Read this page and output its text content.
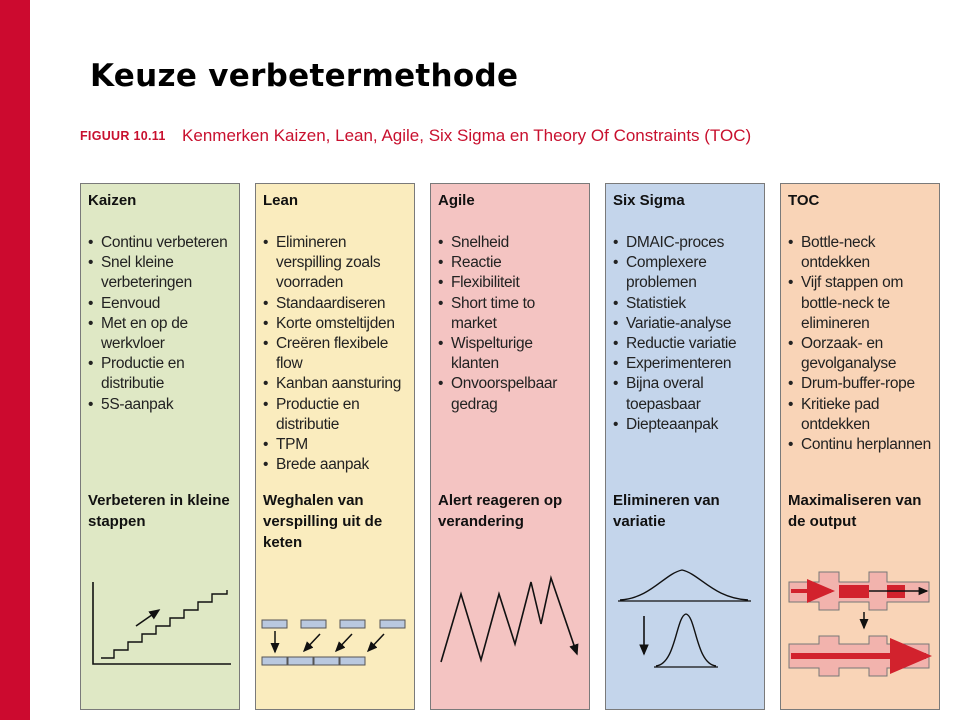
Keuze verbetermethode
FIGUUR 10.11 Kenmerken Kaizen, Lean, Agile, Six Sigma en Theory Of Constraints (TOC)
Kaizen
• Continu verbeteren
• Snel kleine verbeteringen
• Eenvoud
• Met en op de werkvloer
• Productie en distributie
• 5S-aanpak
Verbeteren in kleine stappen
Lean
• Elimineren verspilling zoals voorraden
• Standaardiseren
• Korte omsteltijden
• Creëren flexibele flow
• Kanban aansturing
• Productie en distributie
• TPM
• Brede aanpak
Weghalen van verspilling uit de keten
Agile
• Snelheid
• Reactie
• Flexibiliteit
• Short time to market
• Wispelturige klanten
• Onvoorspelbaar gedrag
Alert reageren op verandering
Six Sigma
• DMAIC-proces
• Complexere problemen
• Statistiek
• Variatie-analyse
• Reductie variatie
• Experimenteren
• Bijna overal toepasbaar
• Diepteaanpak
Elimineren van variatie
TOC
• Bottle-neck ontdekken
• Vijf stappen om bottle-neck te elimineren
• Oorzaak- en gevolganalyse
• Drum-buffer-rope
• Kritieke pad ontdekken
• Continu herplannen
Maximaliseren van de output
